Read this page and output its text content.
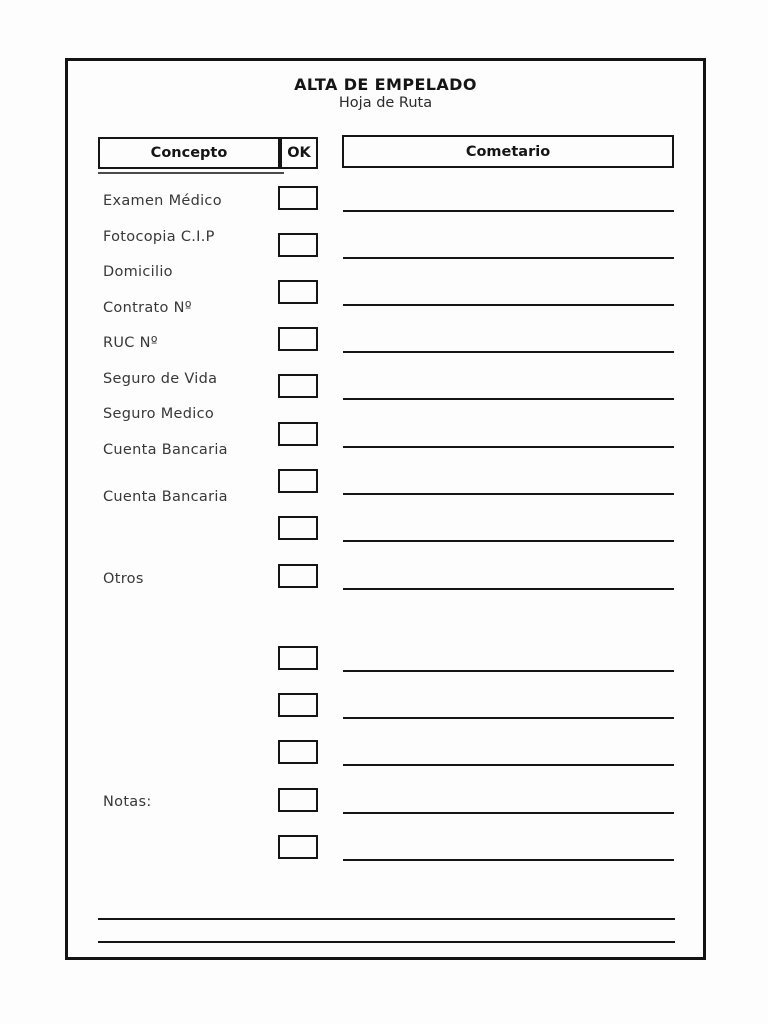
ALTA DE EMPELADO
Hoja de Ruta
Concepto	OK	Cometario
Examen Médico
Fotocopia C.I.P
Domicilio
Contrato Nº
RUC Nº
Seguro de Vida
Seguro Medico
Cuenta Bancaria
Cuenta Bancaria
Otros
Notas:
